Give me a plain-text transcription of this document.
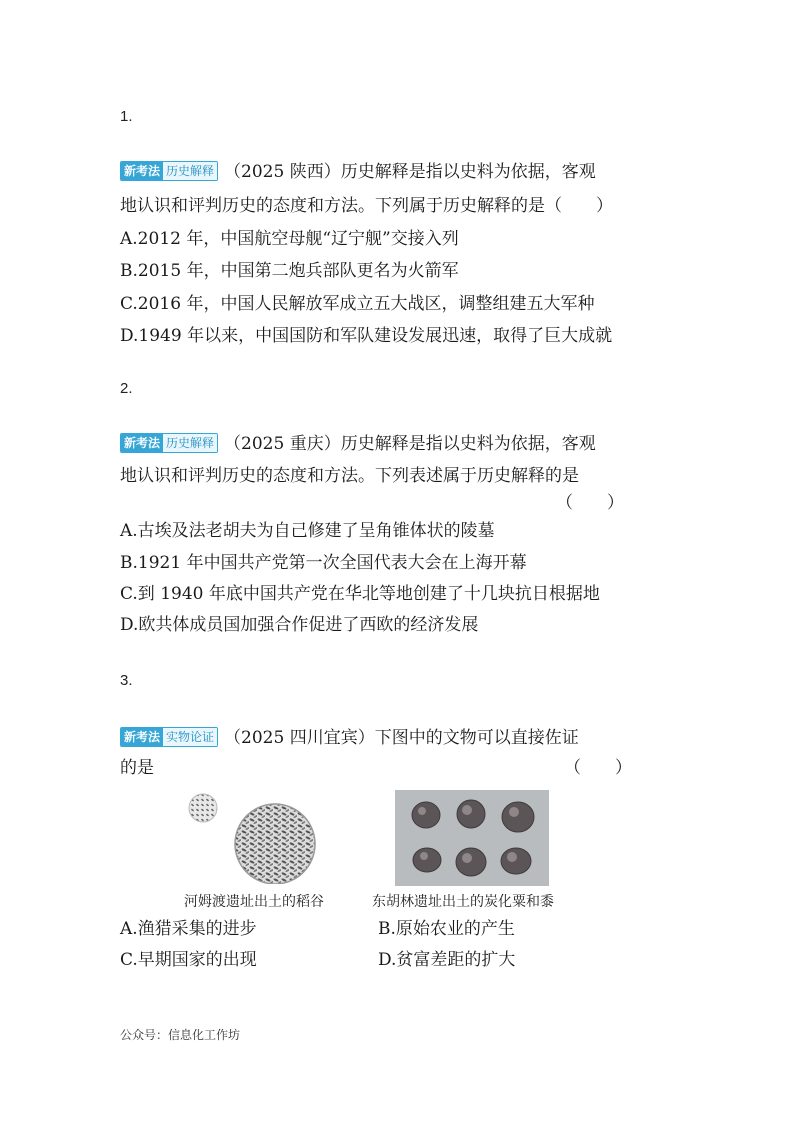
1.
新考法 历史解释 （2025 陕西）历史解释是指以史料为依据，客观
地认识和评判历史的态度和方法。下列属于历史解释的是（　　）
A.2012 年，中国航空母舰“辽宁舰”交接入列
B.2015 年，中国第二炮兵部队更名为火箭军
C.2016 年，中国人民解放军成立五大战区，调整组建五大军种
D.1949 年以来，中国国防和军队建设发展迅速，取得了巨大成就
2.
新考法 历史解释 （2025 重庆）历史解释是指以史料为依据，客观
地认识和评判历史的态度和方法。下列表述属于历史解释的是
（　　）
A.古埃及法老胡夫为自己修建了呈角锥体状的陵墓
B.1921 年中国共产党第一次全国代表大会在上海开幕
C.到 1940 年底中国共产党在华北等地创建了十几块抗日根据地
D.欧共体成员国加强合作促进了西欧的经济发展
3.
新考法 实物论证 （2025 四川宜宾）下图中的文物可以直接佐证
的是	（　　）
河姆渡遗址出土的稻谷	东胡林遗址出土的炭化粟和黍
A.渔猎采集的进步	B.原始农业的产生
C.早期国家的出现	D.贫富差距的扩大
公众号：信息化工作坊
